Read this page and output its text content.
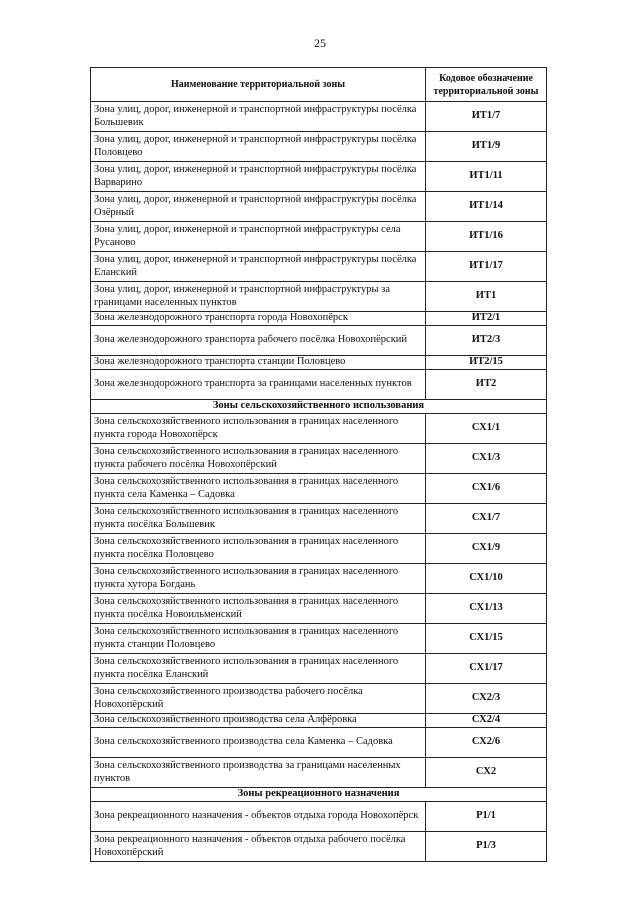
25
Наименование территориальной зоны	Кодовое обозначение территориальной зоны
Зона улиц, дорог, инженерной и транспортной инфраструктуры посёлка Большевик	ИТ1/7
Зона улиц, дорог, инженерной и транспортной инфраструктуры посёлка Половцево	ИТ1/9
Зона улиц, дорог, инженерной и транспортной инфраструктуры посёлка Варварино	ИТ1/11
Зона улиц, дорог, инженерной и транспортной инфраструктуры посёлка Озёрный	ИТ1/14
Зона улиц, дорог, инженерной и транспортной инфраструктуры села Русаново	ИТ1/16
Зона улиц, дорог, инженерной и транспортной инфраструктуры посёлка Еланский	ИТ1/17
Зона улиц, дорог, инженерной и транспортной инфраструктуры за границами населенных пунктов	ИТ1
Зона железнодорожного транспорта города Новохопёрск	ИТ2/1
Зона железнодорожного транспорта рабочего посёлка Новохопёрский	ИТ2/3
Зона железнодорожного транспорта станции Половцево	ИТ2/15
Зона железнодорожного транспорта за границами населенных пунктов	ИТ2
Зоны сельскохозяйственного использования	
Зона сельскохозяйственного использования в границах населенного пункта города Новохопёрск	СХ1/1
Зона сельскохозяйственного использования в границах населенного пункта рабочего посёлка Новохопёрский	СХ1/3
Зона сельскохозяйственного использования в границах населенного пункта села Каменка – Садовка	СХ1/6
Зона сельскохозяйственного использования в границах населенного пункта посёлка Большевик	СХ1/7
Зона сельскохозяйственного использования в границах населенного пункта посёлка Половцево	СХ1/9
Зона сельскохозяйственного использования в границах населенного пункта хутора Богдань	СХ1/10
Зона сельскохозяйственного использования в границах населенного пункта посёлка Новоильменский	СХ1/13
Зона сельскохозяйственного использования в границах населенного пункта станции Половцево	СХ1/15
Зона сельскохозяйственного использования в границах населенного пункта посёлка Еланский	СХ1/17
Зона сельскохозяйственного производства рабочего посёлка Новохопёрский	СХ2/3
Зона сельскохозяйственного производства села Алфёровка	СХ2/4
Зона сельскохозяйственного производства села Каменка – Садовка	СХ2/6
Зона сельскохозяйственного производства за границами населенных пунктов	СХ2
Зоны рекреационного назначения	
Зона рекреационного назначения - объектов отдыха города Новохопёрск	Р1/1
Зона рекреационного назначения - объектов отдыха рабочего посёлка Новохопёрский	Р1/3
